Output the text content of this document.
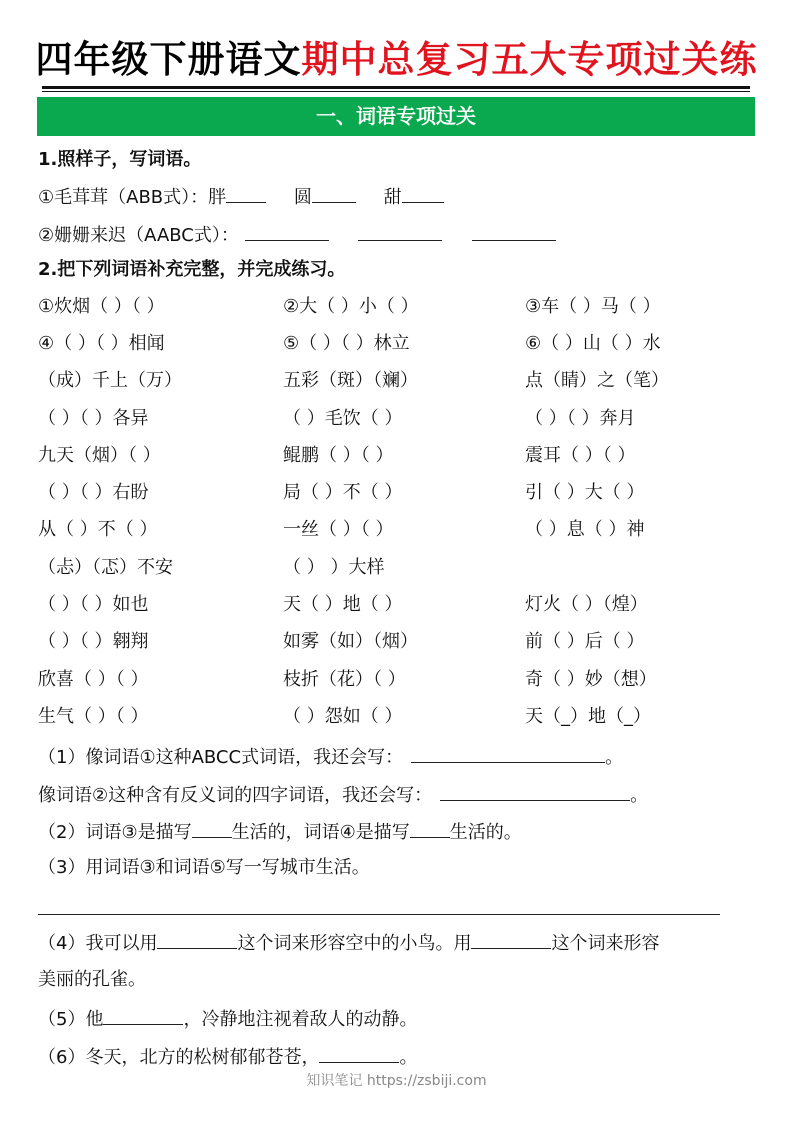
四年级下册语文期中总复习五大专项过关练
一、词语专项过关
1.照样子，写词语。
①毛茸茸（ABB式）：胖	圆	甜
②姗姗来迟（AABC式）：
2.把下列词语补充完整，并完成练习。
①炊烟（ ）（ ）	②大（ ）小（ ）	③车（ ）马（ ）
④（ ）（ ）相闻	⑤（ ）（ ）林立	⑥（ ）山（ ）水
（成）千上（万）	五彩（斑）（斓）	点（睛）之（笔）
（ ）（ ）各异	（ ）毛饮（ ）	（ ）（ ）奔月
九天（烟）（ ）	鲲鹏（ ）（ ）	震耳（ ）（ ）
（ ）（ ）右盼	局（ ）不（ ）	引（ ）大（ ）
从（ ）不（ ）	一丝（ ）（ ）	（ ）息（ ）神
（忐）（忑）不安	（ ） ）大样
（ ）（ ）如也	天（ ）地（ ）	灯火（ ）（煌）
（ ）（ ）翱翔	如雾（如）（烟）	前（ ）后（ ）
欣喜（ ）（ ）	枝折（花）（ ）	奇（ ）妙（想）
生气（ ）（ ）	（ ）怨如（ ）	天（_）地（_）
（1）像词语①这种ABCC式词语，我还会写：	。
像词语②这种含有反义词的四字词语，我还会写：	。
（2）词语③是描写 生活的，词语④是描写 生活的。
（3）用词语③和词语⑤写一写城市生活。
（4）我可以用	这个词来形容空中的小鸟。用	这个词来形容
美丽的孔雀。
（5）他	，冷静地注视着敌人的动静。
（6）冬天，北方的松树郁郁苍苍，	。
知识笔记 https://zsbiji.com
